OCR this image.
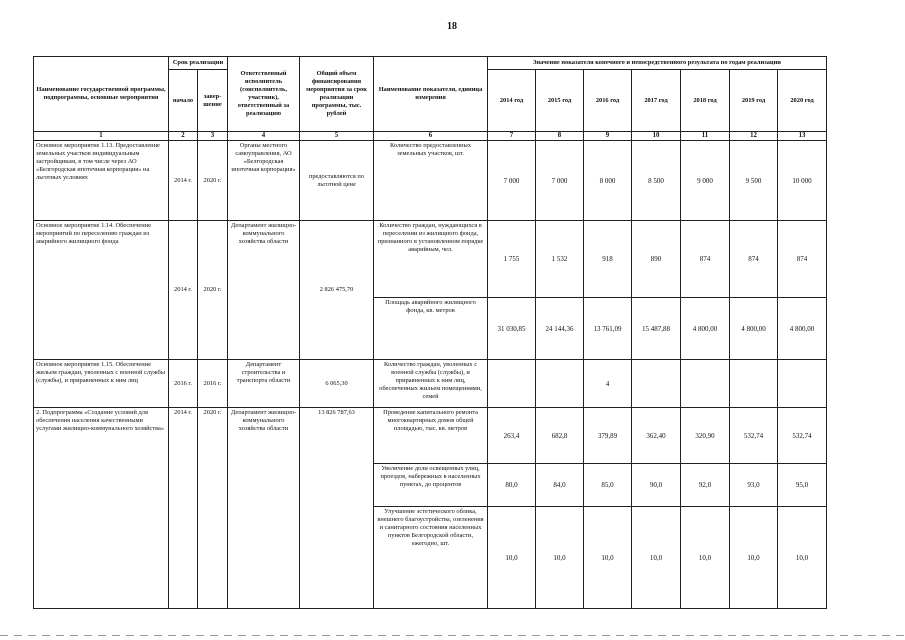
18
Наименование государственной программы, подпрограммы, основные мероприятия	Срок реализации		Ответственный исполнитель (соисполнитель, участник), ответственный за реализацию	Общий объем финансирования мероприятия за срок реализации программы, тыс. рублей	Наименование показателя, единица измерения	Значение показателя конечного и непосредственного результата по годам реализации						
	начало	завер-шение				2014 год	2015 год	2016 год	2017 год	2018 год	2019 год	2020 год
1	2	3	4	5	6	7	8	9	10	11	12	13
Основное мероприятие 1.13. Предоставление земельных участков индивидуальным застройщикам, в том числе через АО «Белгородская ипотечная корпорация» на льготных условиях	2014 г.	2020 г.	Органы местного самоуправления, АО «Белгородская ипотечная корпорация»	предоставляются по льготной цене	Количество предоставленных земельных участков, шт.	7 000	7 000	8 000	8 500	9 000	9 500	10 000
Основное мероприятие 1.14. Обеспечение мероприятий по переселению граждан из аварийного жилищного фонда	2014 г.	2020 г.	Департамент жилищно-коммунального хозяйства области	2 826 475,70	Количество граждан, нуждающихся в переселении из жилищного фонда, признанного в установленном порядке аварийным, чел.	1 755	1 532	918	890	874	874	874
					Площадь аварийного жилищного фонда, кв. метров	31 030,85	24 144,36	13 761,09	15 487,88	4 800,00	4 800,00	4 800,00
Основное мероприятие 1.15. Обеспечение жильем граждан, уволенных с военной службы (службы), и приравненных к ним лиц	2016 г.	2016 г.	Департамент строительства и транспорта области	6 065,30	Количество граждан, уволенных с военной службы (службы), и приравненных к ним лиц, обеспеченных жильем помещениями, семей			4				
2. Подпрограмма «Создание условий для обеспечения населения качественными услугами жилищно-коммунального хозяйства»	2014 г.	2020 г.	Департамент жилищно-коммунального хозяйства области	13 826 787,63	Проведение капитального ремонта многоквартирных домов общей площадью, тыс. кв. метров	263,4	682,8	379,89	362,40	320,90	532,74	532,74
					Увеличение доли освещенных улиц, проездов, набережных в населенных пунктах, до процентов	80,0	84,0	85,0	90,0	92,0	93,0	95,0
					Улучшение эстетического облика, внешнего благоустройства, озеленения и санитарного состояния населенных пунктов Белгородской области, ежегодно, шт.	10,0	10,0	10,0	10,0	10,0	10,0	10,0
